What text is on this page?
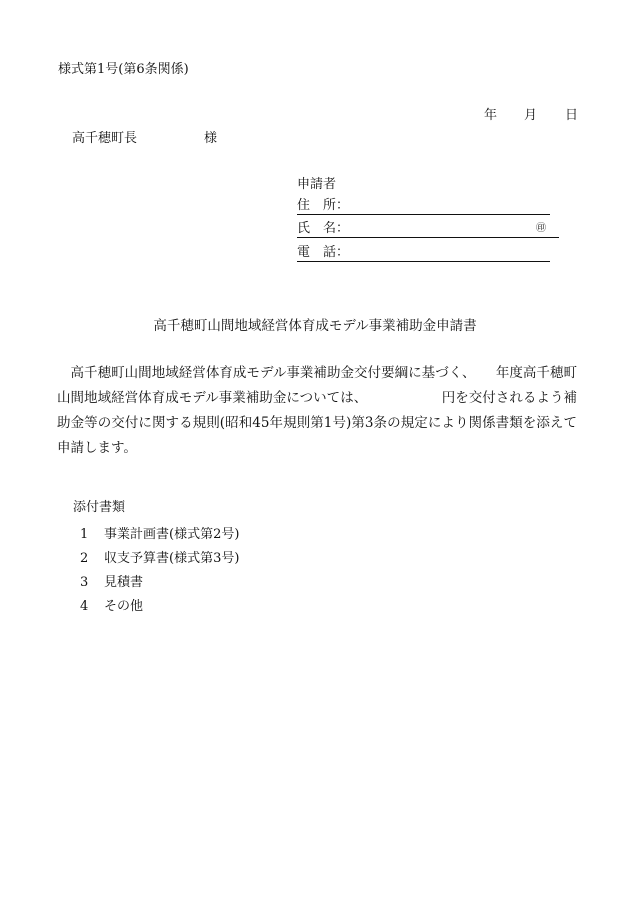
様式第1号(第6条関係)
年 月 日
高千穂町長	様
申請者
住　所：
氏　名：	㊞
電　話：
高千穂町山間地域経営体育成モデル事業補助金申請書
　高千穂町山間地域経営体育成モデル事業補助金交付要綱に基づく、　　年度高千穂町
山間地域経営体育成モデル事業補助金については、　　　　　　円を交付されるよう補
助金等の交付に関する規則(昭和45年規則第1号)第3条の規定により関係書類を添えて
申請します。
添付書類
1 事業計画書(様式第2号)
2 収支予算書(様式第3号)
3 見積書
4 その他
